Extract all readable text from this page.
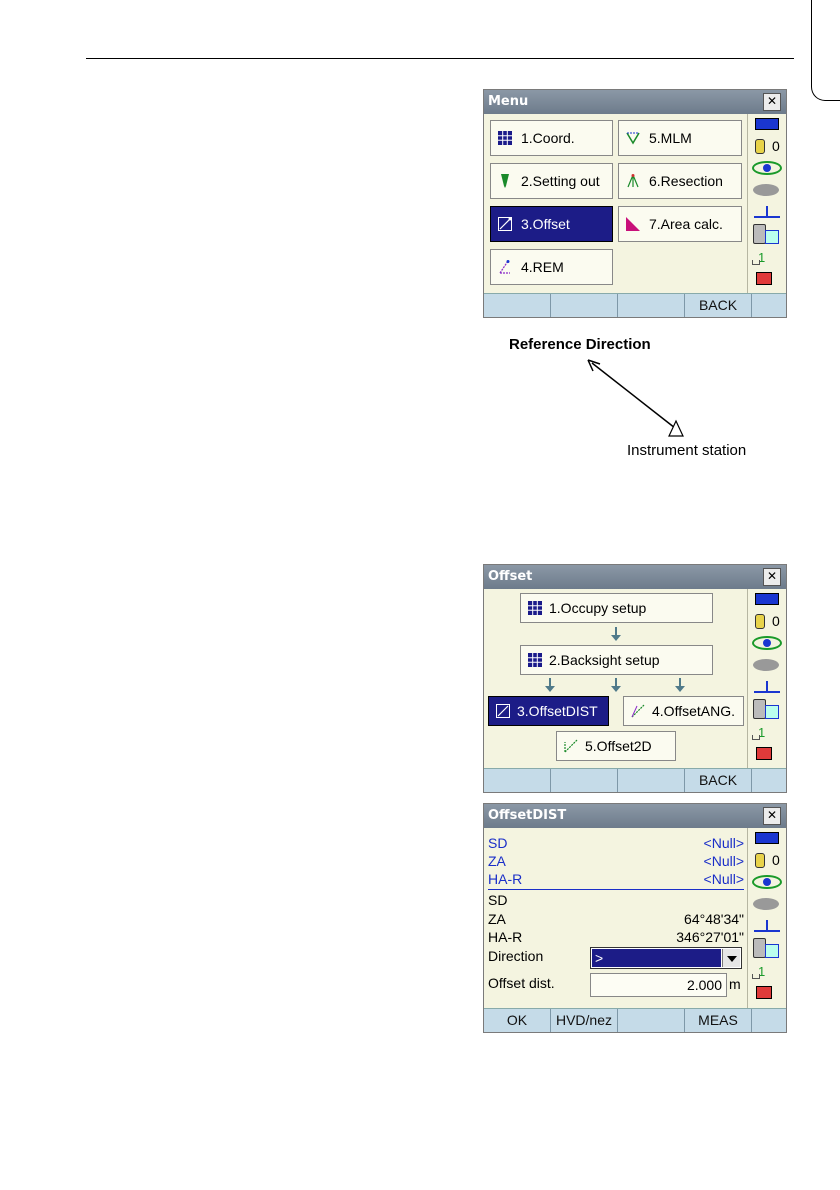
Menu	✕
1.Coord.	5.MLM
2.Setting out	6.Resection
3.Offset	7.Area calc.
4.REM
0
1
BACK
Reference Direction
Instrument station
Offset	✕
1.Occupy setup
2.Backsight setup
3.OffsetDIST	4.OffsetANG.
5.Offset2D
0
1
BACK
OffsetDIST	✕
SD	<Null>
ZA	<Null>
HA-R	<Null>
SD
ZA	64°48'34"
HA-R	346°27'01"
Direction	>
Offset dist.	2.000 m
0
1
OK	HVD/nez	MEAS
